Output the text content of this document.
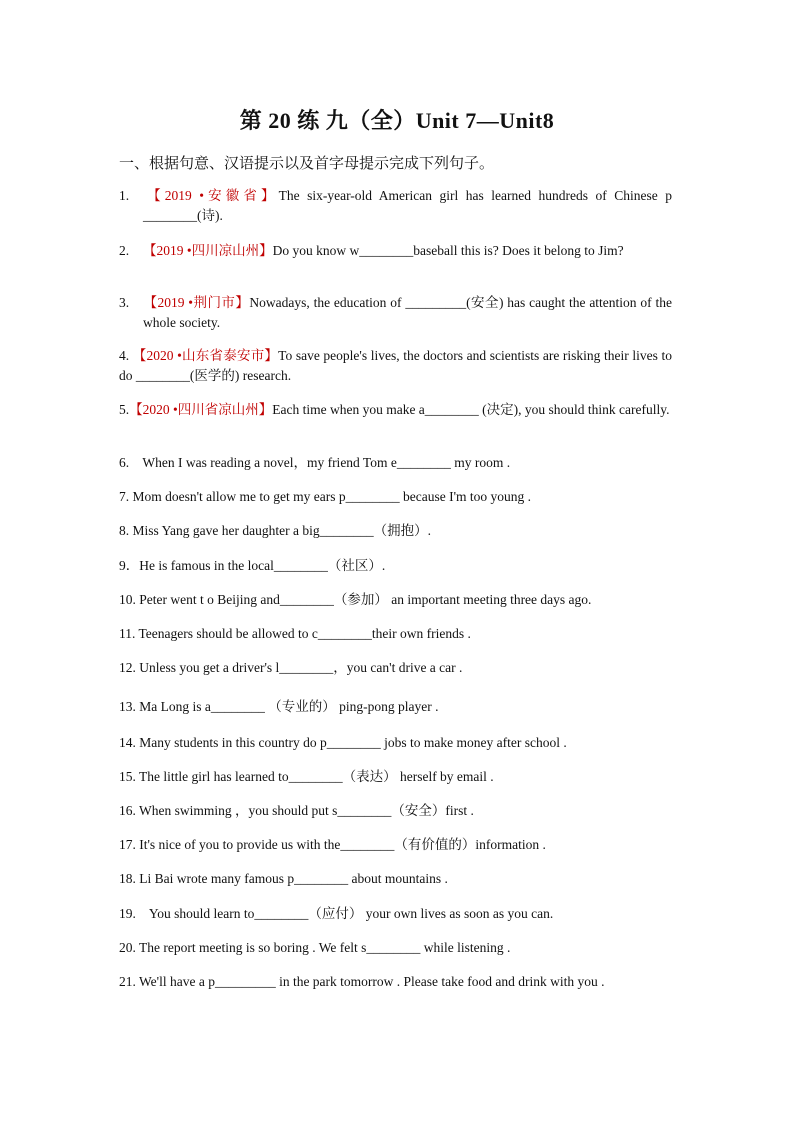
第 20 练 九（全）Unit 7—Unit8
一、根据句意、汉语提示以及首字母提示完成下列句子。
1. 【2019 •安徽省】The six-year-old American girl has learned hundreds of Chinese p ________(诗).
2. 【2019 •四川凉山州】Do you know w________baseball this is? Does it belong to Jim?
3. 【2019 •荆门市】Nowadays, the education of _________(安全) has caught the attention of the whole society.
4. 【2020 •山东省泰安市】To save people's lives, the doctors and scientists are risking their lives to do ________(医学的) research.
5.【2020 •四川省凉山州】Each time when you make a________ (决定), you should think carefully.
6.    When I was reading a novel，my friend Tom e________ my room .
7. Mom doesn't allow me to get my ears p________ because I'm too young .
8. Miss Yang gave her daughter a big________（拥抱）.
9．He is famous in the local________（社区）.
10. Peter went t o Beijing and________（参加） an important meeting three days ago.
11. Teenagers should be allowed to c________their own friends .
12. Unless you get a driver's l________，you can't drive a car .
13. Ma Long is a________ （专业的） ping-pong player .
14. Many students in this country do p________ jobs to make money after school .
15. The little girl has learned to________（表达） herself by email .
16. When swimming ，you should put s________（安全）first .
17. It's nice of you to provide us with the________（有价值的）information .
18. Li Bai wrote many famous p________ about mountains .
19.    You should learn to________（应付） your own lives as soon as you can.
20. The report meeting is so boring . We felt s________ while listening .
21. We'll have a p_________ in the park tomorrow . Please take food and drink with you .
